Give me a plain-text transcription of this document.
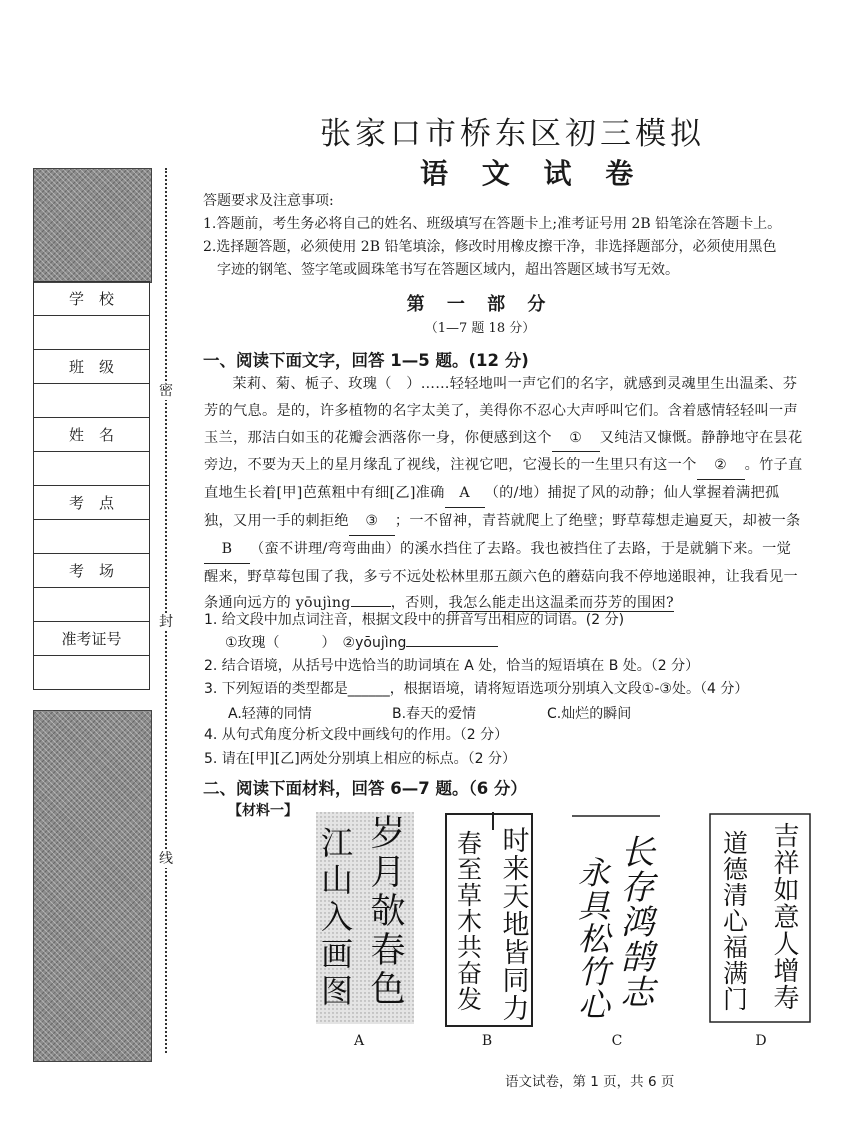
学　校

班　级

姓　名

考　点

考　场

准考证号

密
封
线
张家口市桥东区初三模拟
语 文 试 卷
答题要求及注意事项:
1.答题前，考生务必将自己的姓名、班级填写在答题卡上;准考证号用 2B 铅笔涂在答题卡上。
2.选择题答题，必须使用 2B 铅笔填涂，修改时用橡皮擦干净，非选择题部分，必须使用黑色
字迹的钢笔、签字笔或圆珠笔书写在答题区域内，超出答题区域书写无效。
第 一 部 分
（1—7 题 18 分）
一、阅读下面文字，回答 1—5 题。(12 分)

茉莉、菊、栀子、玫瑰（　）……轻轻地叫一声它们的名字，就感到灵魂里生出温柔、芬芳的气息。是的，许多植物的名字太美了，美得你不忍心大声呼叫它们。含着感情轻轻叫一声玉兰，那洁白如玉的花瓣会洒落你一身，你便感到这个 ① 又纯洁又慷慨。静静地守在昙花旁边，不要为天上的星月缘乱了视线，注视它吧，它漫长的一生里只有这一个 ② 。竹子直直地生长着[甲]芭蕉粗中有细[乙]准确 A （的/地）捕捉了风的动静；仙人掌握着满把孤独，又用一手的刺拒绝 ③ ；一不留神，青苔就爬上了绝壁；野草莓想走遍夏天，却被一条B （蛮不讲理/弯弯曲曲）的溪水挡住了去路。我也被挡住了去路，于是就躺下来。一觉醒来，野草莓包围了我，多亏不远处松林里那五颜六色的蘑菇向我不停地递眼神，让我看见一条通向远方的 yōujìng	，否则，我怎么能走出这温柔而芬芳的围困?

1. 给文段中加点词注音，根据文段中的拼音写出相应的词语。(2 分)
①玫瑰（　　　）　②yōujìng
2. 结合语境，从括号中选恰当的助词填在 A 处，恰当的短语填在 B 处。（2 分）
3. 下列短语的类型都是______，根据语境，请将短语选项分别填入文段①-③处。（4 分）
A.轻薄的同情	B.春天的爱情	C.灿烂的瞬间
4. 从句式角度分析文段中画线句的作用。（2 分）
5. 请在[甲][乙]两处分别填上相应的标点。（2 分）
二、阅读下面材料，回答 6—7 题。（6 分）
【材料一】
岁月欹春色
江山入画图	时来天地皆同力
春至草木共奋发	长存鸿鹄志
永具松竹心	吉祥如意人增寿
道德清心福满门
A	B	C	D
语文试卷，第 1 页，共 6 页
